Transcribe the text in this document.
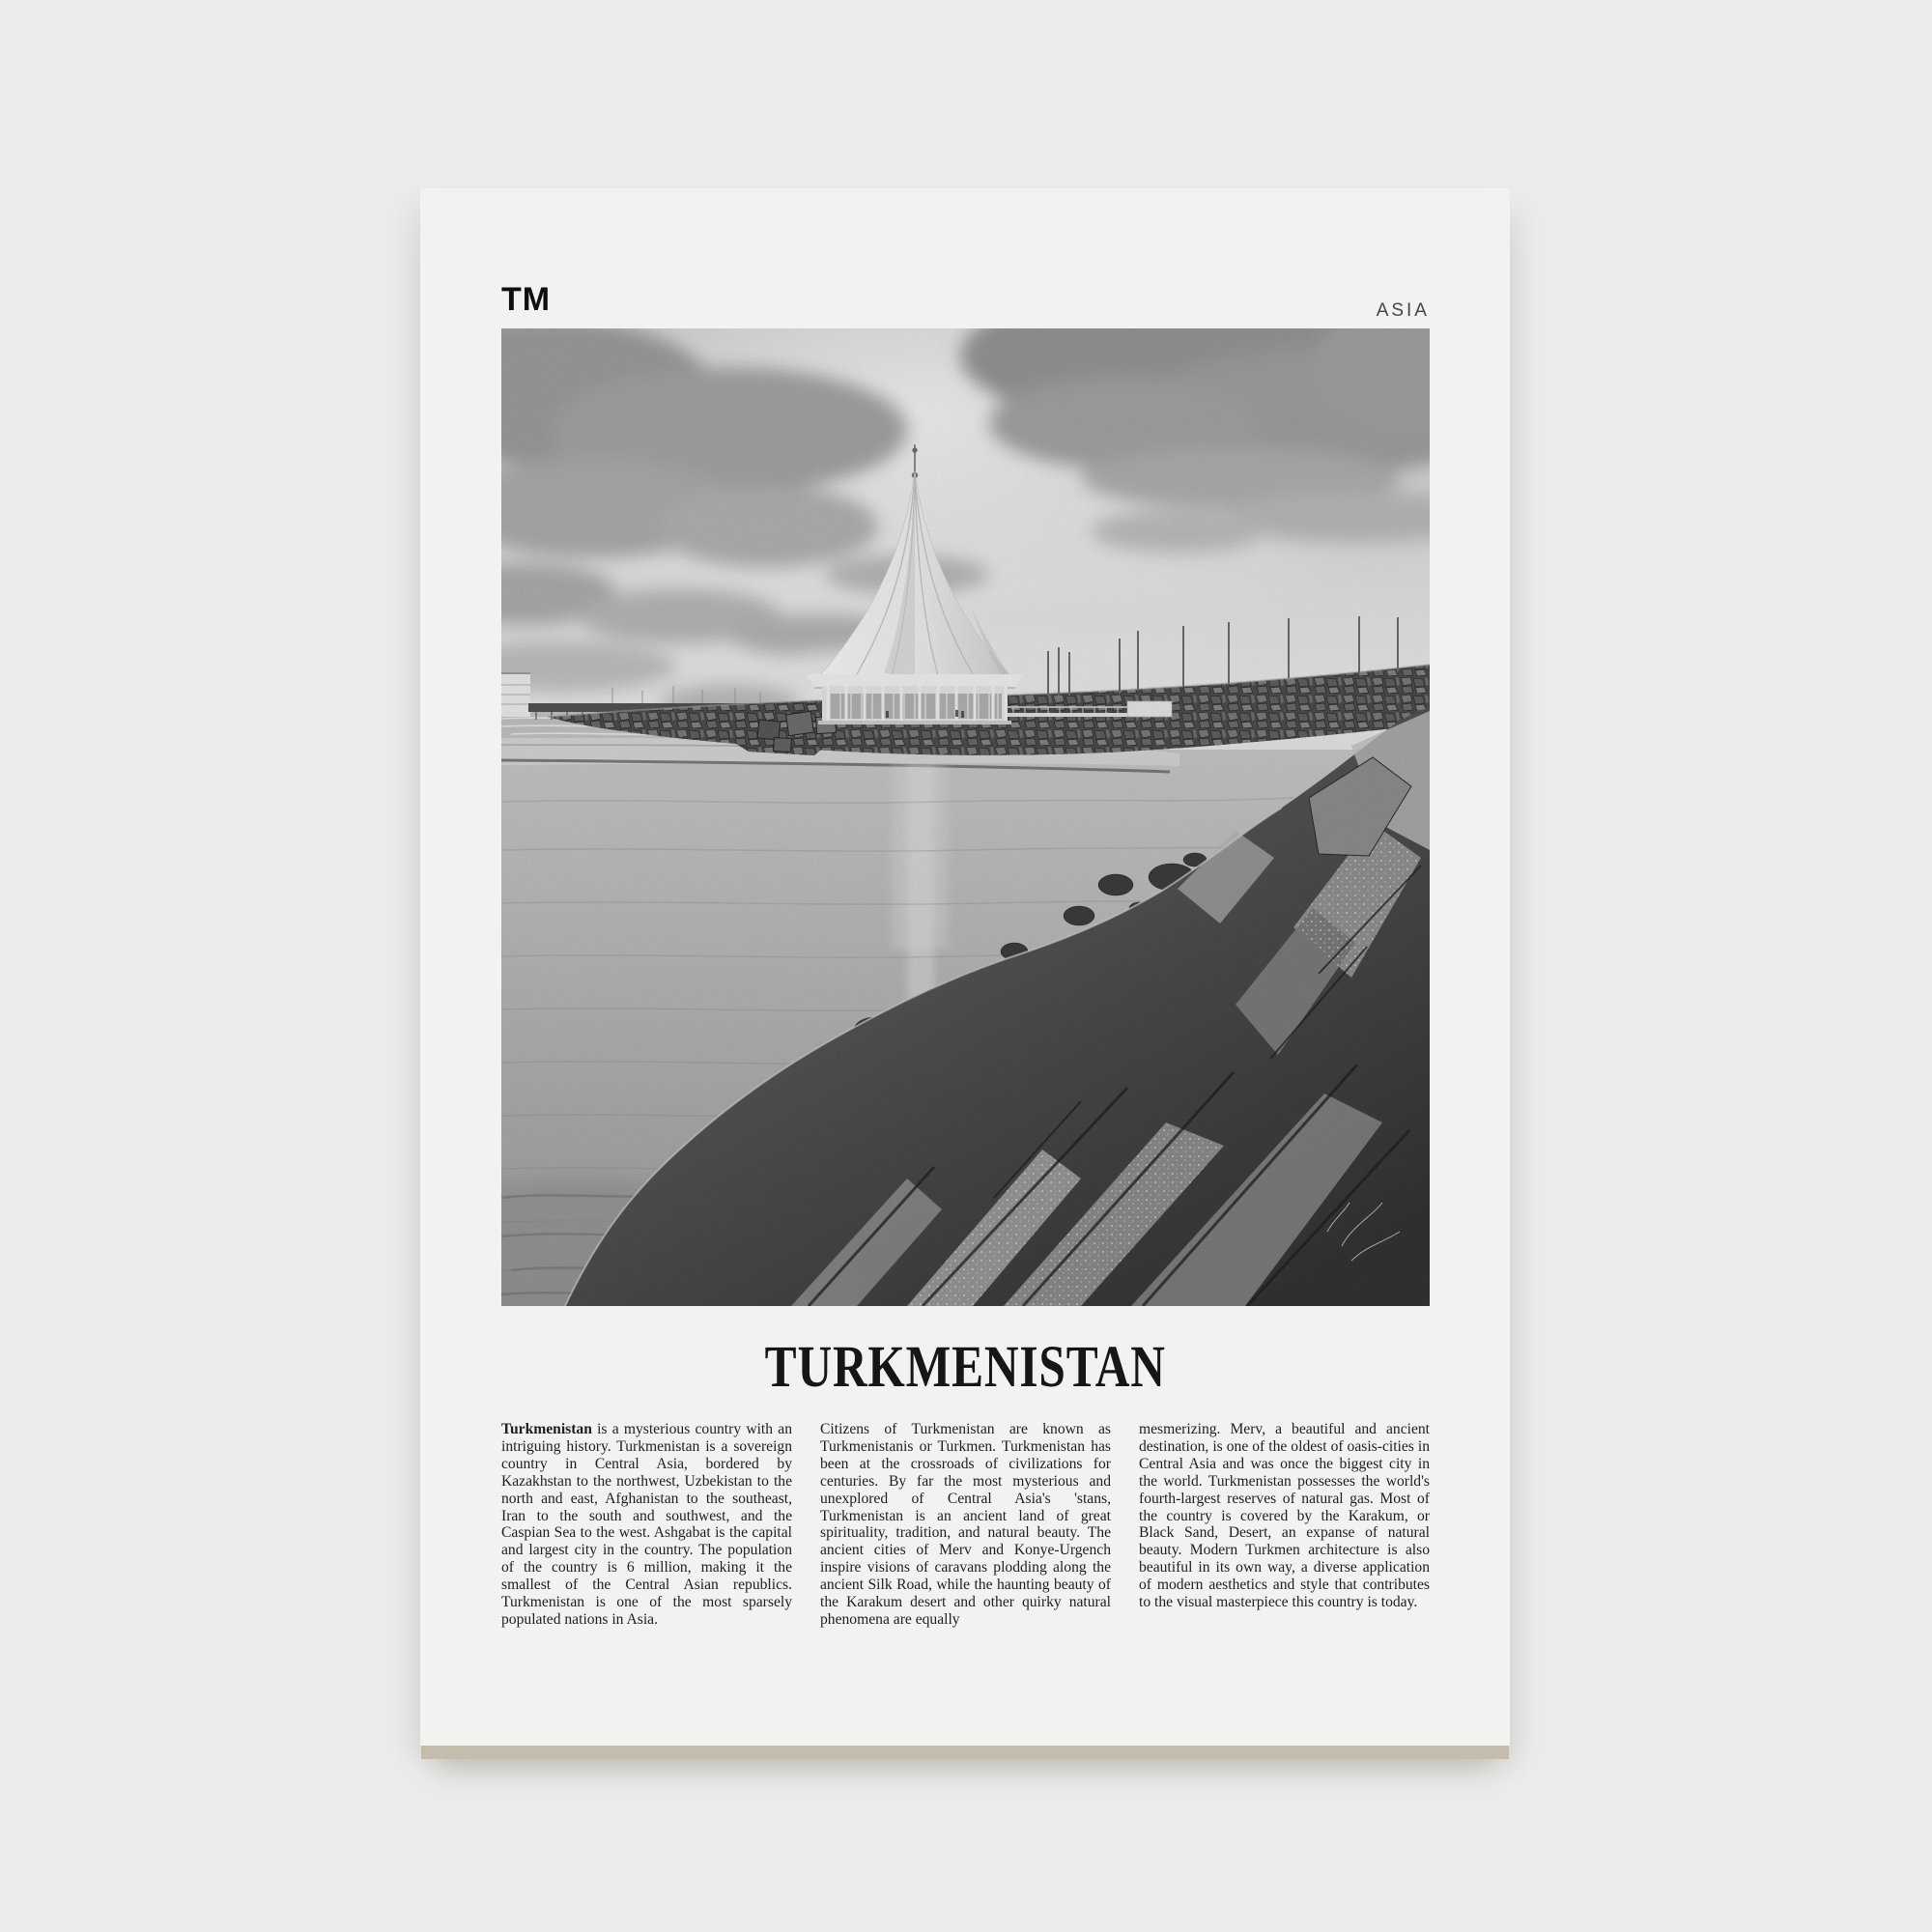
TM	ASIA
TURKMENISTAN
Turkmenistan is a mysterious country with an intriguing history. Turkmenistan is a sovereign country in Central Asia, bordered by Kazakhstan to the northwest, Uzbekistan to the north and east, Afghanistan to the southeast, Iran to the south and southwest, and the Caspian Sea to the west. Ashgabat is the capital and largest city in the country. The population of the country is 6 million, making it the smallest of the Central Asian republics. Turkmenistan is one of the most sparsely populated nations in Asia.
Citizens of Turkmenistan are known as Turkmenistanis or Turkmen. Turkmenistan has been at the crossroads of civilizations for centuries. By far the most mysterious and unexplored of Central Asia's 'stans, Turkmenistan is an ancient land of great spirituality, tradition, and natural beauty. The ancient cities of Merv and Konye-Urgench inspire visions of caravans plodding along the ancient Silk Road, while the haunting beauty of the Karakum desert and other quirky natural phenomena are equally
mesmerizing. Merv, a beautiful and ancient destination, is one of the oldest of oasis-cities in Central Asia and was once the biggest city in the world. Turkmenistan possesses the world's fourth-largest reserves of natural gas. Most of the country is covered by the Karakum, or Black Sand, Desert, an expanse of natural beauty. Modern Turkmen architecture is also beautiful in its own way, a diverse application of modern aesthetics and style that contributes to the visual masterpiece this country is today.
